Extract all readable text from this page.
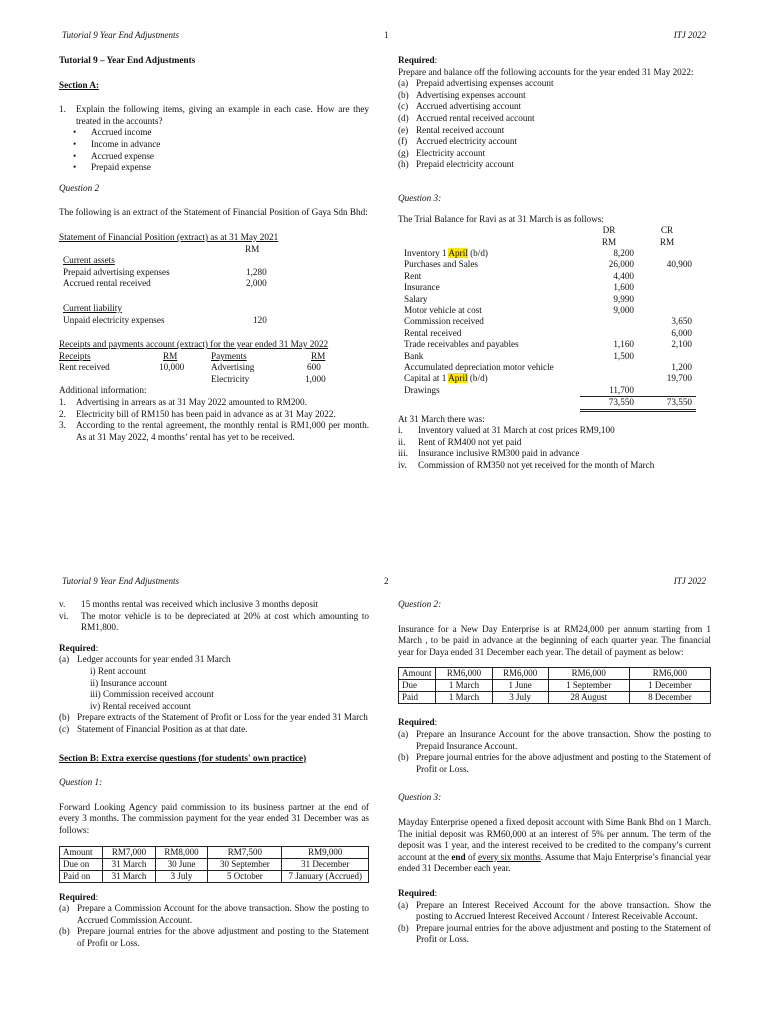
Tutorial 9 Year End Adjustments	1	ITJ 2022

Tutorial 9 – Year End Adjustments

Section A:

1.	Explain the following items, giving an example in each case. How are they treated in the accounts?
•	Accrued income
•	Income in advance
•	Accrued expense
•	Prepaid expense

Question 2

The following is an extract of the Statement of Financial Position of Gaya Sdn Bhd:

Statement of Financial Position (extract) as at 31 May 2021

RM

Current assets

Prepaid advertising expenses	1,280
Accrued rental received	2,000

Current liability

Unpaid electricity expenses	120

Receipts and payments account (extract) for the year ended 31 May 2022

Receipts	RM	Payments	RM
Rent received	10,000	Advertising	600
Electricity	1,000

Additional information:

1.	Advertising in arrears as at 31 May 2022 amounted to RM200.
2.	Electricity bill of RM150 has been paid in advance as at 31 May 2022.
3.	According to the rental agreement, the monthly rental is RM1,000 per month. As at 31 May 2022, 4 months’ rental has yet to be received.

Required:

Prepare and balance off the following accounts for the year ended 31 May 2022:

(a) Prepaid advertising expenses account
(b) Advertising expenses account
(c) Accrued advertising account
(d) Accrued rental received account
(e) Rental received account
(f) Accrued electricity account
(g) Electricity account
(h) Prepaid electricity account

Question 3:

The Trial Balance for Ravi as at 31 March is as follows:

	DR	CR
	RM	RM
Inventory 1 April (b/d)	8,200	
Purchases and Sales	26,000	40,900
Rent	4,400	
Insurance	1,600	
Salary	9,990	
Motor vehicle at cost	9,000	
Commission received		3,650
Rental received		6,000
Trade receivables and payables	1,160	2,100
Bank	1,500	
Accumulated depreciation motor vehicle		1,200
Capital at 1 April (b/d)		19,700
Drawings	11,700	
	73,550	73,550

At 31 March there was:

i.	Inventory valued at 31 March at cost prices RM9,100
ii.	Rent of RM400 not yet paid
iii.	Insurance inclusive RM300 paid in advance
iv.	Commission of RM350 not yet received for the month of March
Tutorial 9 Year End Adjustments	2	ITJ 2022
v.	15 months rental was received which inclusive 3 months deposit
vi.	The motor vehicle is to be depreciated at 20% at cost which amounting to RM1,800.

Required:

(a) Ledger accounts for year ended 31 March

i) Rent account

ii) Insurance account

iii) Commission received account

iv) Rental received account

(b) Prepare extracts of the Statement of Profit or Loss for the year ended 31 March
(c) Statement of Financial Position as at that date.

Section B: Extra exercise questions (for students' own practice)

Question 1:

Forward Looking Agency paid commission to its business partner at the end of every 3 months. The commission payment for the year ended 31 December was as follows:

Amount	RM7,000	RM8,000	RM7,500	RM9,000
Due on	31 March	30 June	30 September	31 December
Paid on	31 March	3 July	5 October	7 January (Accrued)

Required:

(a) Prepare a Commission Account for the above transaction. Show the posting to Accrued Commission Account.
(b) Prepare journal entries for the above adjustment and posting to the Statement of Profit or Loss.

Question 2:

Insurance for a New Day Enterprise is at RM24,000 per annum starting from 1 March , to be paid in advance at the beginning of each quarter year. The financial year for Daya ended 31 December each year. The detail of payment as below:

Amount	RM6,000	RM6,000	RM6,000	RM6,000
Due	1 March	1 June	1 September	1 December
Paid	1 March	3 July	28 August	8 December

Required:

(a) Prepare an Insurance Account for the above transaction. Show the posting to Prepaid Insurance Account.
(b) Prepare journal entries for the above adjustment and posting to the Statement of Profit or Loss.

Question 3:

Mayday Enterprise opened a fixed deposit account with Sime Bank Bhd on 1 March. The initial deposit was RM60,000 at an interest of 5% per annum. The term of the deposit was 1 year, and the interest received to be credited to the company’s current account at the end of every six months. Assume that Maju Enterprise’s financial year ended 31 December each year.

Required:

(a) Prepare an Interest Received Account for the above transaction. Show the posting to Accrued Interest Received Account / Interest Receivable Account.
(b) Prepare journal entries for the above adjustment and posting to the Statement of Profit or Loss.
